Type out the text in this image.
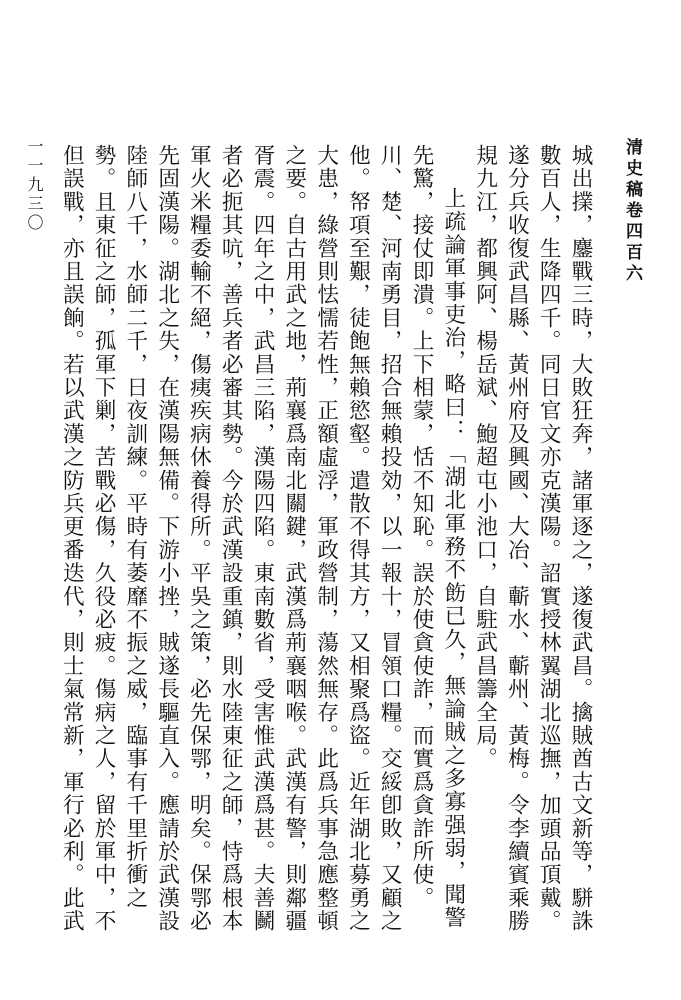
清史稿卷四百六
一一九三〇	城出擈，鏖戰三時，大敗狂奔，諸軍逐之，遂復武昌。擒賊酋古文新等，駢誅數百人，生降四千。同日官文亦克漢陽。詔實授林翼湖北巡撫，加頭品頂戴。遂分兵收復武昌縣、黃州府及興國、大冶、蘄水、蘄州、黃梅。令李續賓乘勝規九江，都興阿、楊岳斌、鮑超屯小池口，自駐武昌籌全局。

上疏論軍事吏治，略曰：「湖北軍務不飭已久，無論賊之多寡强弱，聞警先驚，接仗即潰。上下相蒙，恬不知恥。誤於使貪使詐，而實爲貪詐所使。川、楚、河南勇目，招合無賴投効，以一報十，冒領口糧。交綏卽敗，又顧之他。帑項至艱，徒飽無賴慾壑。遣散不得其方，又相聚爲盜。近年湖北募勇之大患，綠營則怯懦若性，正額虛浮，軍政營制，蕩然無存。此爲兵事急應整頓之要。自古用武之地，荊襄爲南北關鍵，武漢爲荊襄咽喉。武漢有警，則鄰疆胥震。四年之中，武昌三陷，漢陽四陷。東南數省，受害惟武漢爲甚。夫善鬭者必扼其吭，善兵者必審其勢。今於武漢設重鎮，則水陸東征之師，恃爲根本軍火米糧委輸不絕，傷痍疾病休養得所。平吳之策，必先保鄂，明矣。保鄂必先固漢陽。湖北之失，在漢陽無備。下游小挫，賊遂長驅直入。應請於武漢設陸師八千，水師二千，日夜訓練。平時有萎靡不振之威，臨事有千里折衝之勢。且東征之師，孤軍下剿，苦戰必傷，久役必疲。傷病之人，留於軍中，不但誤戰，亦且誤餉。若以武漢之防兵更番迭代，則士氣常新，軍行必利。此武
